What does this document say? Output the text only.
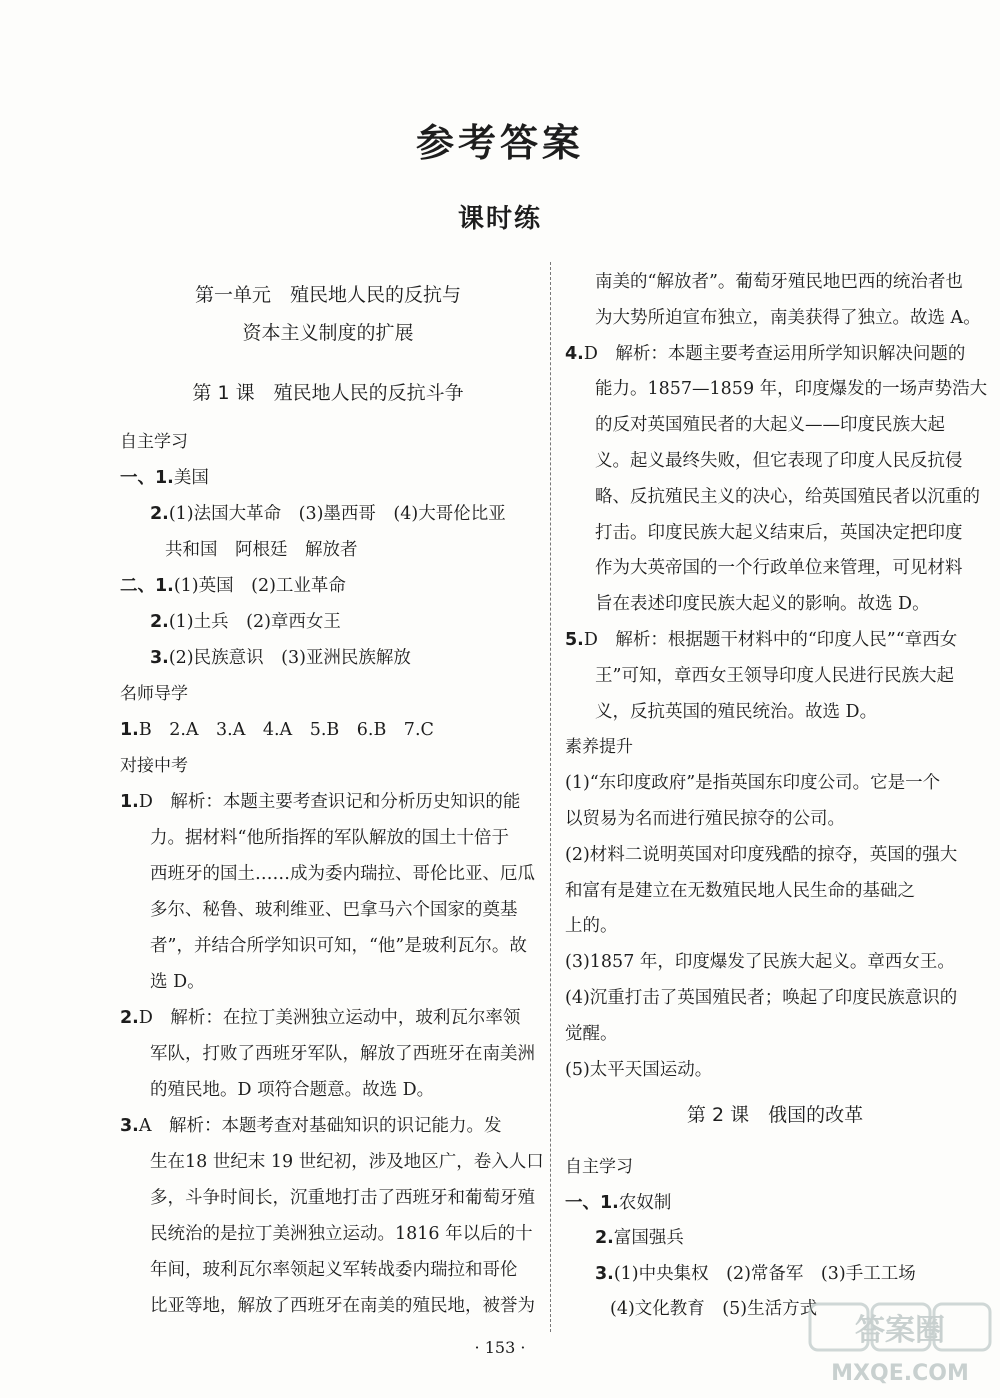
参考答案
课时练
第一单元　殖民地人民的反抗与
资本主义制度的扩展
第 1 课　殖民地人民的反抗斗争
自主学习
一、1.美国
2.(1)法国大革命　(3)墨西哥　(4)大哥伦比亚
共和国　阿根廷　解放者
二、1.(1)英国　(2)工业革命
2.(1)土兵　(2)章西女王
3.(2)民族意识　(3)亚洲民族解放
名师导学
1.B　2.A　3.A　4.A　5.B　6.B　7.C
对接中考
1.D　解析：本题主要考查识记和分析历史知识的能
力。据材料“他所指挥的军队解放的国土十倍于
西班牙的国土……成为委内瑞拉、哥伦比亚、厄瓜
多尔、秘鲁、玻利维亚、巴拿马六个国家的奠基
者”，并结合所学知识可知，“他”是玻利瓦尔。故
选 D。
2.D　解析：在拉丁美洲独立运动中，玻利瓦尔率领
军队，打败了西班牙军队，解放了西班牙在南美洲
的殖民地。D 项符合题意。故选 D。
3.A　解析：本题考查对基础知识的识记能力。发
生在18 世纪末 19 世纪初，涉及地区广，卷入人口
多，斗争时间长，沉重地打击了西班牙和葡萄牙殖
民统治的是拉丁美洲独立运动。1816 年以后的十
年间，玻利瓦尔率领起义军转战委内瑞拉和哥伦
比亚等地，解放了西班牙在南美的殖民地，被誉为
第 2 课　俄国的改革
南美的“解放者”。葡萄牙殖民地巴西的统治者也
为大势所迫宣布独立，南美获得了独立。故选 A。
4.D　解析：本题主要考查运用所学知识解决问题的
能力。1857—1859 年，印度爆发的一场声势浩大
的反对英国殖民者的大起义——印度民族大起
义。起义最终失败，但它表现了印度人民反抗侵
略、反抗殖民主义的决心，给英国殖民者以沉重的
打击。印度民族大起义结束后，英国决定把印度
作为大英帝国的一个行政单位来管理，可见材料
旨在表述印度民族大起义的影响。故选 D。
5.D　解析：根据题干材料中的“印度人民”“章西女
王”可知，章西女王领导印度人民进行民族大起
义，反抗英国的殖民统治。故选 D。
素养提升
(1)“东印度政府”是指英国东印度公司。它是一个
以贸易为名而进行殖民掠夺的公司。
(2)材料二说明英国对印度残酷的掠夺，英国的强大
和富有是建立在无数殖民地人民生命的基础之
上的。
(3)1857 年，印度爆发了民族大起义。章西女王。
(4)沉重打击了英国殖民者；唤起了印度民族意识的
觉醒。
(5)太平天国运动。
自主学习
一、1.农奴制
2.富国强兵
3.(1)中央集权　(2)常备军　(3)手工工场
(4)文化教育　(5)生活方式
· 153 ·	答案圈
MXQE.COM
